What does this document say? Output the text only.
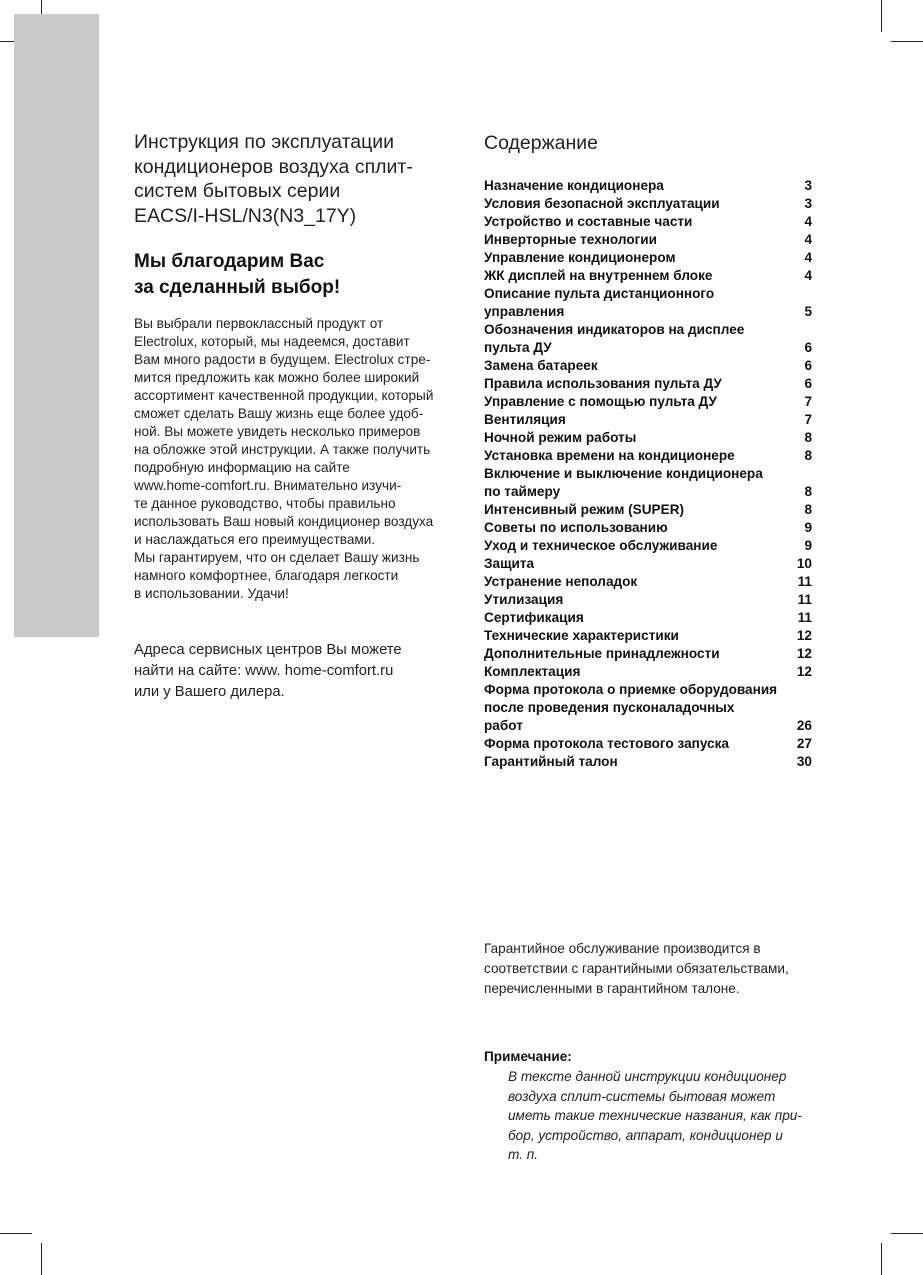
Инструкция по эксплуатации
кондиционеров воздуха сплит-
систем бытовых серии
EACS/I-HSL/N3(N3_17Y)
Мы благодарим Вас
за сделанный выбор!

Вы выбрали первоклассный продукт от

Electrolux, который, мы надеемся, доставит

Вам много радости в будущем. Electrolux стре-

мится предложить как можно более широкий

ассортимент качественной продукции, который

сможет сделать Вашу жизнь еще более удоб-

ной. Вы можете увидеть несколько примеров

на обложке этой инструкции. А также получить

подробную информацию на сайте

www.home-comfort.ru. Внимательно изучи-

те данное руководство, чтобы правильно

использовать Ваш новый кондиционер воздуха

и наслаждаться его преимуществами.

Мы гарантируем, что он сделает Вашу жизнь

намного комфортнее, благодаря легкости

в использовании. Удачи!

Адреса сервисных центров Вы можете

найти на сайте: www. home-comfort.ru

или у Вашего дилера.

Содержание
Назначение кондиционера	3
Условия безопасной эксплуатации	3
Устройство и составные части	4
Инверторные технологии	4
Управление кондиционером	4
ЖК дисплей на внутреннем блоке	4
Описание пульта дистанционного
управления	5
Обозначения индикаторов на дисплее
пульта ДУ	6
Замена батареек	6
Правила использования пульта ДУ	6
Управление с помощью пульта ДУ	7
Вентиляция	7
Ночной режим работы	8
Установка времени на кондиционере	8
Включение и выключение кондиционера
по таймеру	8
Интенсивный режим (SUPER)	8
Советы по использованию	9
Уход и техническое обслуживание	9
Защита	10
Устранение неполадок	11
Утилизация	11
Сертификация	11
Технические характеристики	12
Дополнительные принадлежности	12
Комплектация	12
Форма протокола о приемке оборудования
после проведения пусконаладочных
работ	26
Форма протокола тестового запуска	27
Гарантийный талон	30

Гарантийное обслуживание производится в

соответствии с гарантийными обязательствами,

перечисленными в гарантийном талоне.

Примечание:

В тексте данной инструкции кондиционер

воздуха сплит-системы бытовая может

иметь такие технические названия, как при-

бор, устройство, аппарат, кондиционер и

т. п.
